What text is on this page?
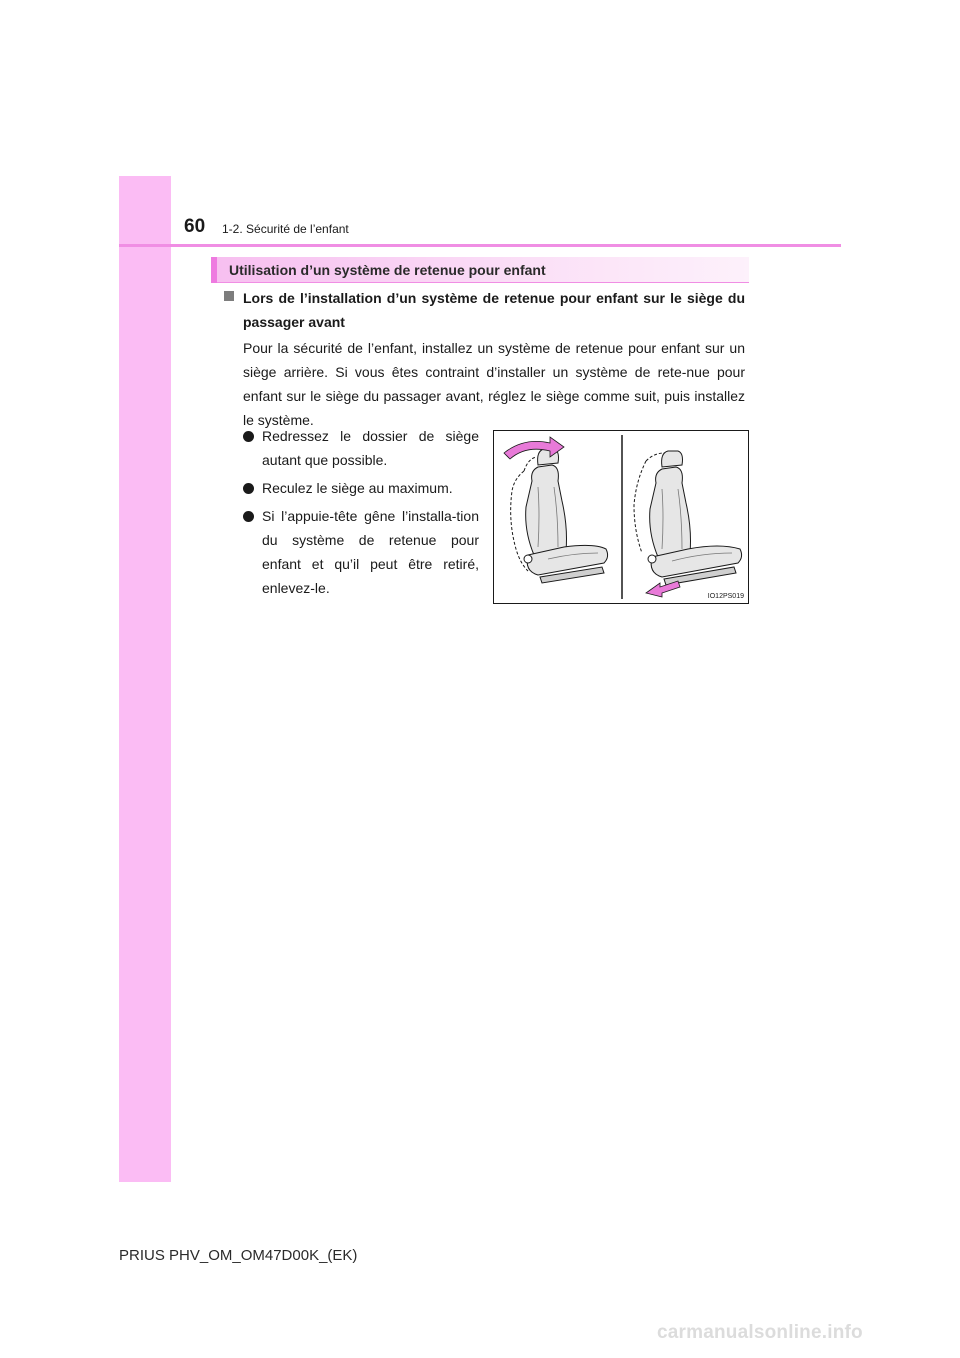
60 1-2. Sécurité de l’enfant
Utilisation d’un système de retenue pour enfant
Lors de l’installation d’un système de retenue pour enfant sur le siège du passager avant
Pour la sécurité de l’enfant, installez un système de retenue pour enfant sur un siège arrière. Si vous êtes contraint d’installer un système de rete-nue pour enfant sur le siège du passager avant, réglez le siège comme suit, puis installez le système.
Redressez le dossier de siège autant que possible.
Reculez le siège au maximum.
Si l’appuie-tête gêne l’installa-tion du système de retenue pour enfant et qu’il peut être retiré, enlevez-le.
IO12PS019
PRIUS PHV_OM_OM47D00K_(EK)
carmanualsonline.info
